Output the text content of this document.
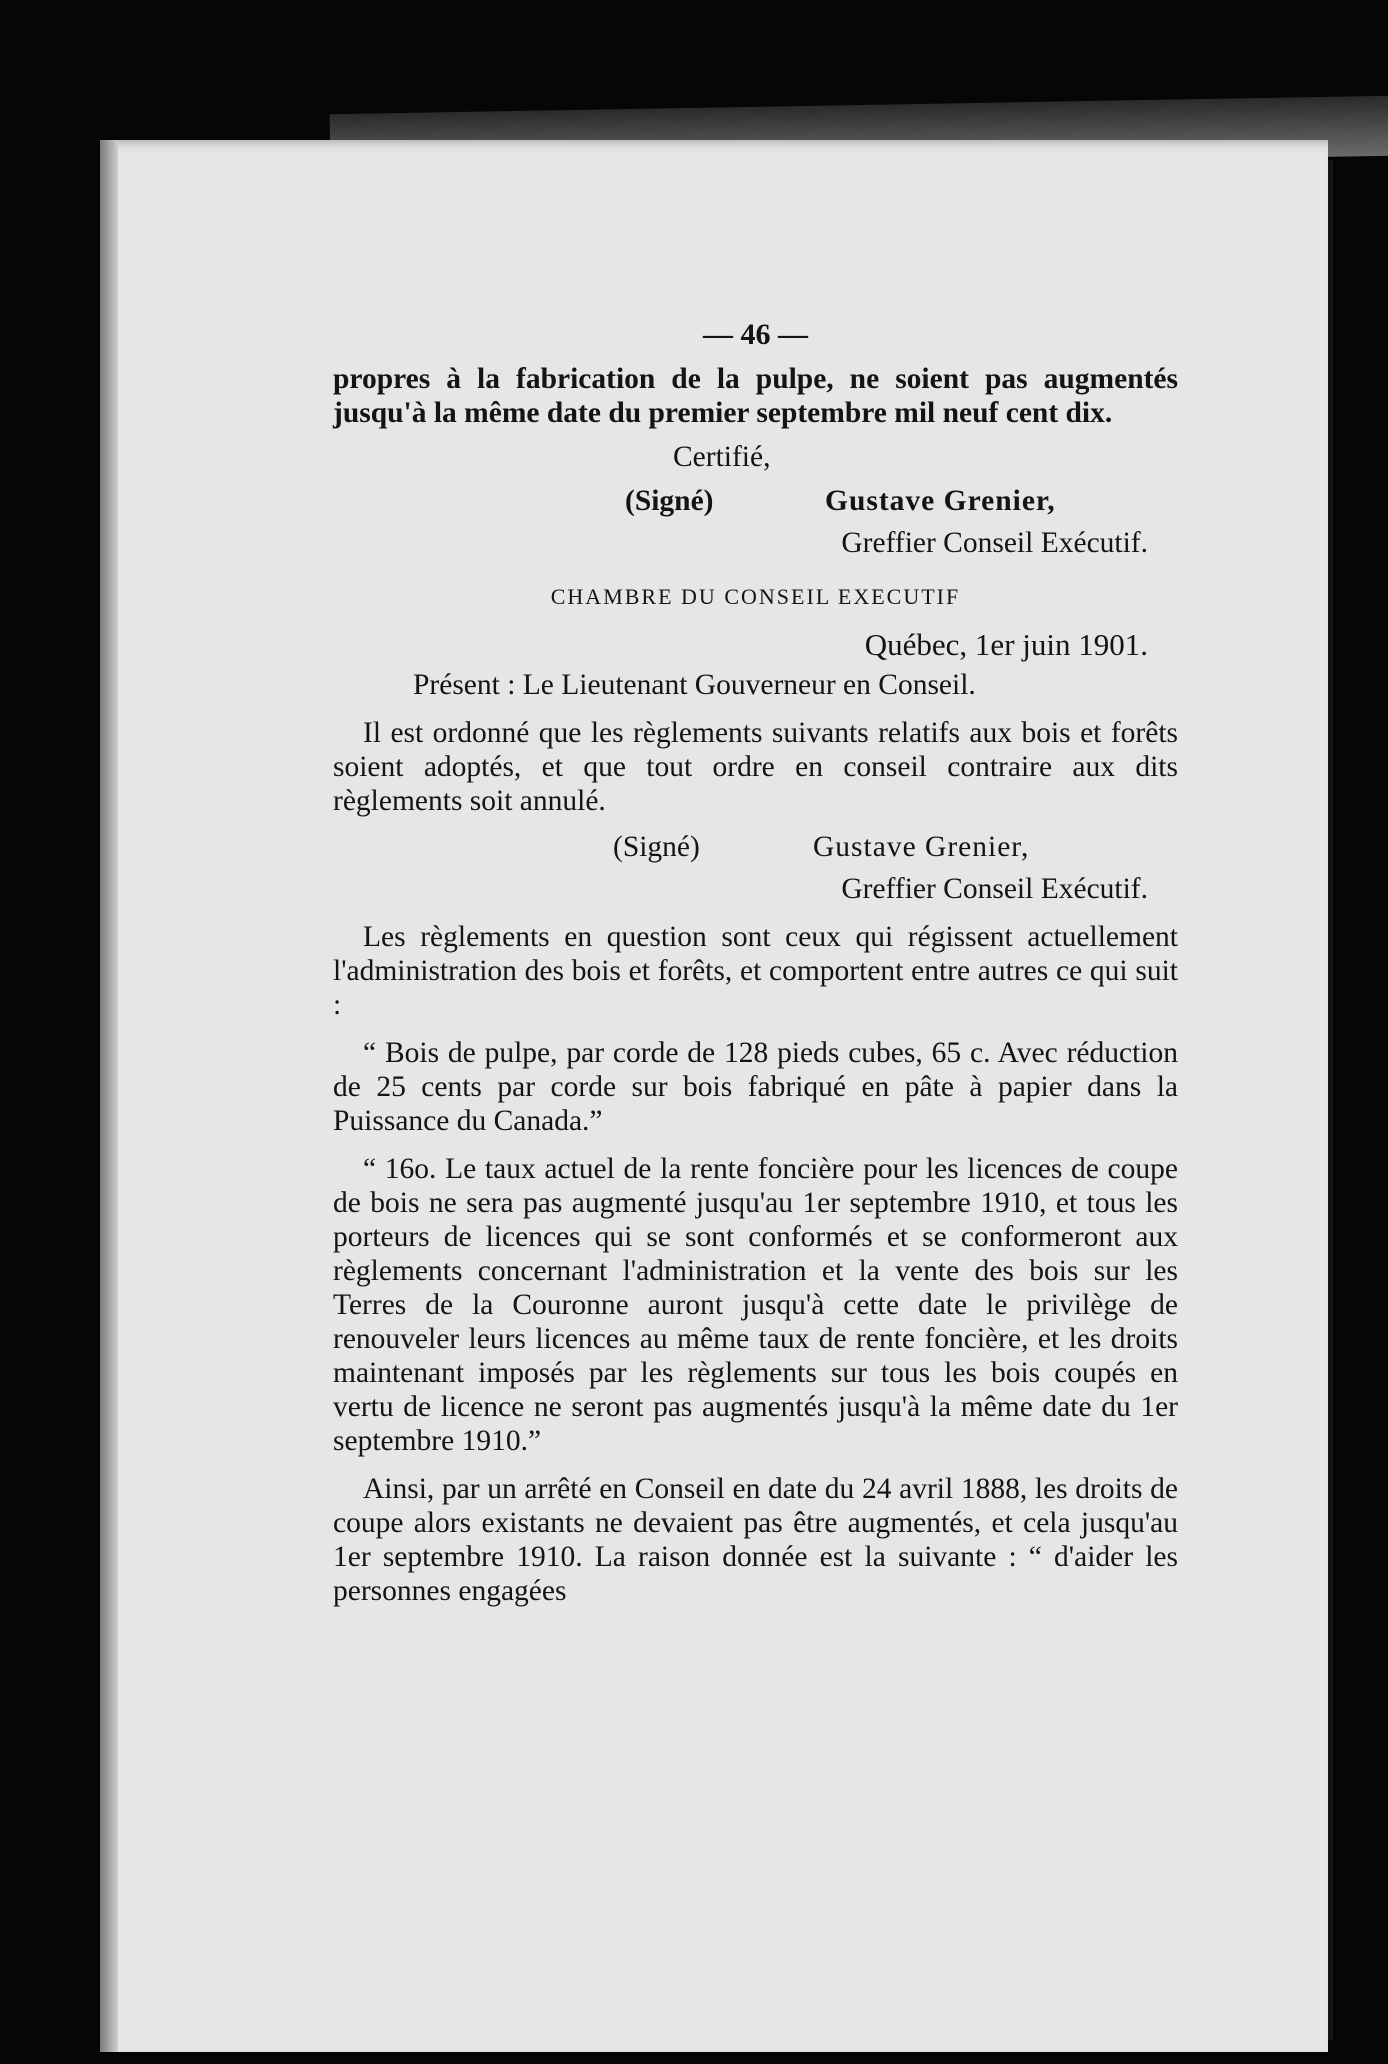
— 46 —

propres à la fabrication de la pulpe, ne soient pas augmentés jusqu'à la même date du premier septembre mil neuf cent dix.

Certifié,
(Signé)	Gustave Grenier,
Greffier Conseil Exécutif.
CHAMBRE DU CONSEIL EXECUTIF
Québec, 1er juin 1901.
Présent : Le Lieutenant Gouverneur en Conseil.

Il est ordonné que les règlements suivants relatifs aux bois et forêts soient adoptés, et que tout ordre en conseil contraire aux dits règlements soit annulé.

(Signé)	Gustave Grenier,
Greffier Conseil Exécutif.

Les règlements en question sont ceux qui régissent actuellement l'administration des bois et forêts, et comportent entre autres ce qui suit :

“ Bois de pulpe, par corde de 128 pieds cubes, 65 c. Avec réduction de 25 cents par corde sur bois fabriqué en pâte à papier dans la Puissance du Canada.”

“ 16o. Le taux actuel de la rente foncière pour les licences de coupe de bois ne sera pas augmenté jusqu'au 1er septembre 1910, et tous les porteurs de licences qui se sont conformés et se conformeront aux règlements concernant l'administration et la vente des bois sur les Terres de la Couronne auront jusqu'à cette date le privilège de renouveler leurs licences au même taux de rente foncière, et les droits maintenant imposés par les règlements sur tous les bois coupés en vertu de licence ne seront pas augmentés jusqu'à la même date du 1er septembre 1910.”

Ainsi, par un arrêté en Conseil en date du 24 avril 1888, les droits de coupe alors existants ne devaient pas être augmentés, et cela jusqu'au 1er septembre 1910. La raison donnée est la suivante : “ d'aider les personnes engagées
